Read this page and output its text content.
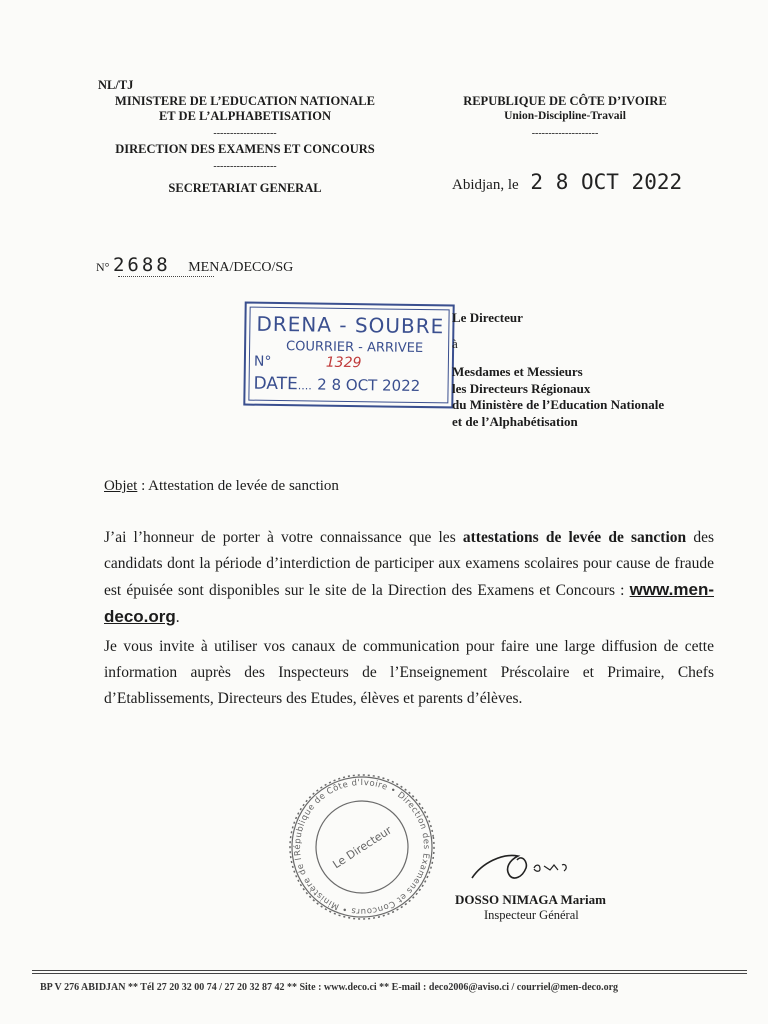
NL/TJ
MINISTERE DE L’EDUCATION NATIONALE
ET DE L’ALPHABETISATION
-------------------
DIRECTION DES EXAMENS ET CONCOURS
-------------------
SECRETARIAT GENERAL
REPUBLIQUE DE CÔTE D’IVOIRE
Union-Discipline-Travail
--------------------
Abidjan, le 2 8 OCT 2022
N° 2688 MENA/DECO/SG
DRENA - SOUBRE
COURRIER - ARRIVEE
N°	1329
DATE.... 2 8 OCT 2022
Le Directeur
à
Mesdames et Messieurs
les Directeurs Régionaux
du Ministère de l’Education Nationale
et de l’Alphabétisation
Objet : Attestation de levée de sanction
J’ai l’honneur de porter à votre connaissance que les attestations de levée de sanction des candidats dont la période d’interdiction de participer aux examens scolaires pour cause de fraude est épuisée sont disponibles sur le site de la Direction des Examens et Concours : www.men-deco.org.
Je vous invite à utiliser vos canaux de communication pour faire une large diffusion de cette information auprès des Inspecteurs de l’Enseignement Préscolaire et Primaire, Chefs d’Etablissements, Directeurs des Etudes, élèves et parents d’élèves.
République de Côte d'Ivoire • Direction des Examens et Concours • Ministère de l'Education
Le Directeur
DOSSO NIMAGA Mariam
Inspecteur Général
BP V 276 ABIDJAN ** Tél 27 20 32 00 74 / 27 20 32 87 42 ** Site : www.deco.ci ** E-mail : deco2006@aviso.ci / courriel@men-deco.org
